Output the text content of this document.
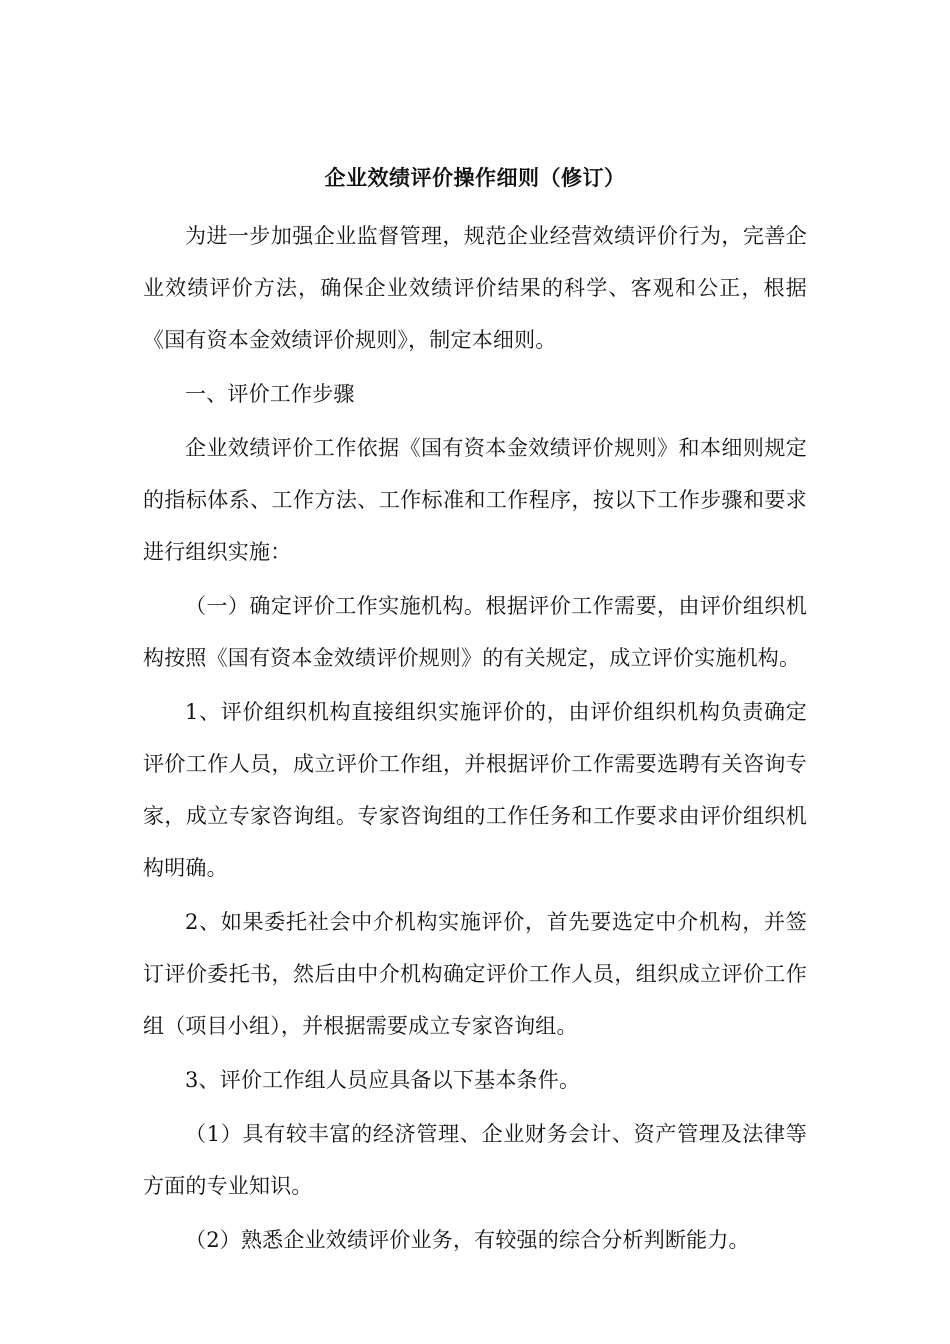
企业效绩评价操作细则（修订）

为进一步加强企业监督管理，规范企业经营效绩评价行为，完善企业效绩评价方法，确保企业效绩评价结果的科学、客观和公正，根据《国有资本金效绩评价规则》，制定本细则。

一、评价工作步骤

企业效绩评价工作依据《国有资本金效绩评价规则》和本细则规定的指标体系、工作方法、工作标准和工作程序，按以下工作步骤和要求进行组织实施：

（一）确定评价工作实施机构。根据评价工作需要，由评价组织机构按照《国有资本金效绩评价规则》的有关规定，成立评价实施机构。

1、评价组织机构直接组织实施评价的，由评价组织机构负责确定评价工作人员，成立评价工作组，并根据评价工作需要选聘有关咨询专家，成立专家咨询组。专家咨询组的工作任务和工作要求由评价组织机构明确。

2、如果委托社会中介机构实施评价，首先要选定中介机构，并签订评价委托书，然后由中介机构确定评价工作人员，组织成立评价工作组（项目小组），并根据需要成立专家咨询组。

3、评价工作组人员应具备以下基本条件。

（1）具有较丰富的经济管理、企业财务会计、资产管理及法律等方面的专业知识。

（2）熟悉企业效绩评价业务，有较强的综合分析判断能力。
